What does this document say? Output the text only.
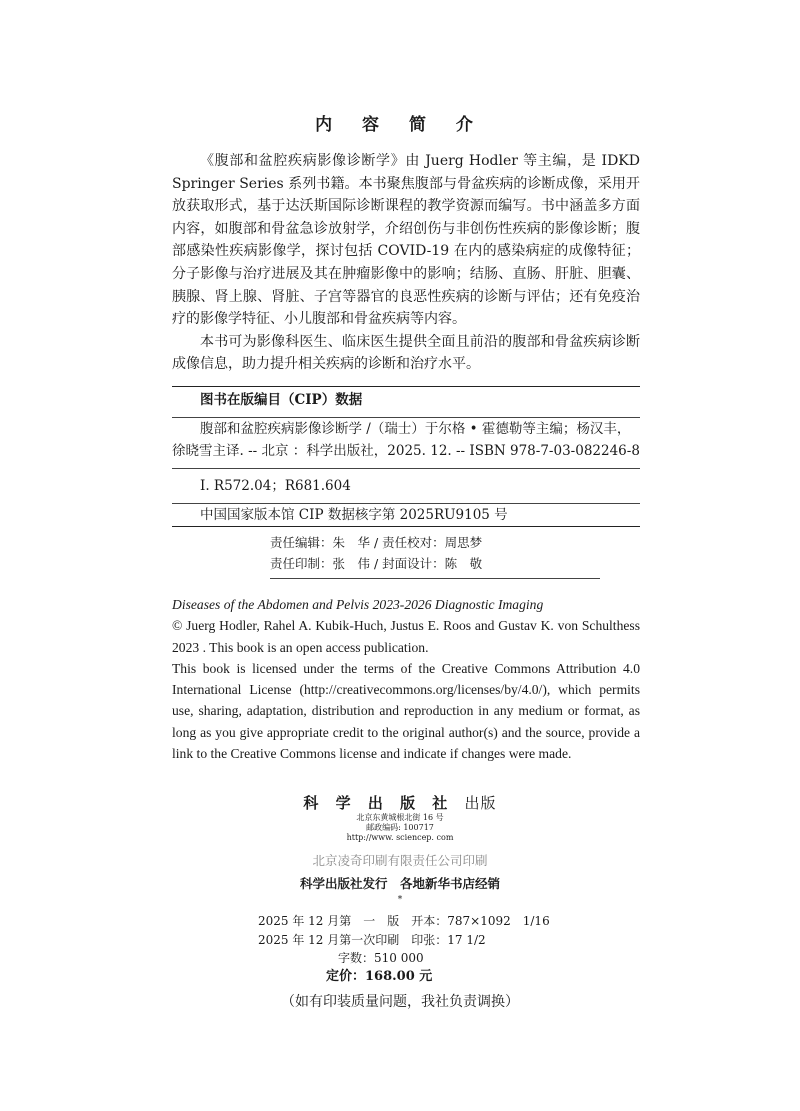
内 容 简 介

《腹部和盆腔疾病影像诊断学》由 Juerg Hodler 等主编，是 IDKD Springer Series 系列书籍。本书聚焦腹部与骨盆疾病的诊断成像，采用开放获取形式，基于达沃斯国际诊断课程的教学资源而编写。书中涵盖多方面内容，如腹部和骨盆急诊放射学，介绍创伤与非创伤性疾病的影像诊断；腹部感染性疾病影像学，探讨包括 COVID-19 在内的感染病症的成像特征；分子影像与治疗进展及其在肿瘤影像中的影响；结肠、直肠、肝脏、胆囊、胰腺、肾上腺、肾脏、子宫等器官的良恶性疾病的诊断与评估；还有免疫治疗的影像学特征、小儿腹部和骨盆疾病等内容。

本书可为影像科医生、临床医生提供全面且前沿的腹部和骨盆疾病诊断成像信息，助力提升相关疾病的诊断和治疗水平。

图书在版编目（CIP）数据
腹部和盆腔疾病影像诊断学 /（瑞士）于尔格 • 霍德勒等主编；杨汉丰，徐晓雪主译. -- 北京 ：科学出版社，2025. 12. -- ISBN 978-7-03-082246-8
Ⅰ. R572.04；R681.604
中国国家版本馆 CIP 数据核字第 2025RU9105 号
责任编辑：朱　华 / 责任校对：周思梦
责任印制：张　伟 / 封面设计：陈　敬
Diseases of the Abdomen and Pelvis 2023-2026 Diagnostic Imaging
© Juerg Hodler, Rahel A. Kubik-Huch, Justus E. Roos and Gustav K. von Schulthess 2023 . This book is an open access publication.
This book is licensed under the terms of the Creative Commons Attribution 4.0 International License (http://creativecommons.org/licenses/by/4.0/), which permits use, sharing, adaptation, distribution and reproduction in any medium or format, as long as you give appropriate credit to the original author(s) and the source, provide a link to the Creative Commons license and indicate if changes were made.
科 学 出 版 社 出版
北京东黄城根北街 16 号
邮政编码: 100717
http://www. sciencep. com
北京凌奇印刷有限责任公司印刷
科学出版社发行　各地新华书店经销
*
2025 年 12 月第　一　版　开本：787×1092　1/16
2025 年 12 月第一次印刷　印张：17 1/2
字数：510 000
定价：168.00 元
（如有印装质量问题，我社负责调换）
